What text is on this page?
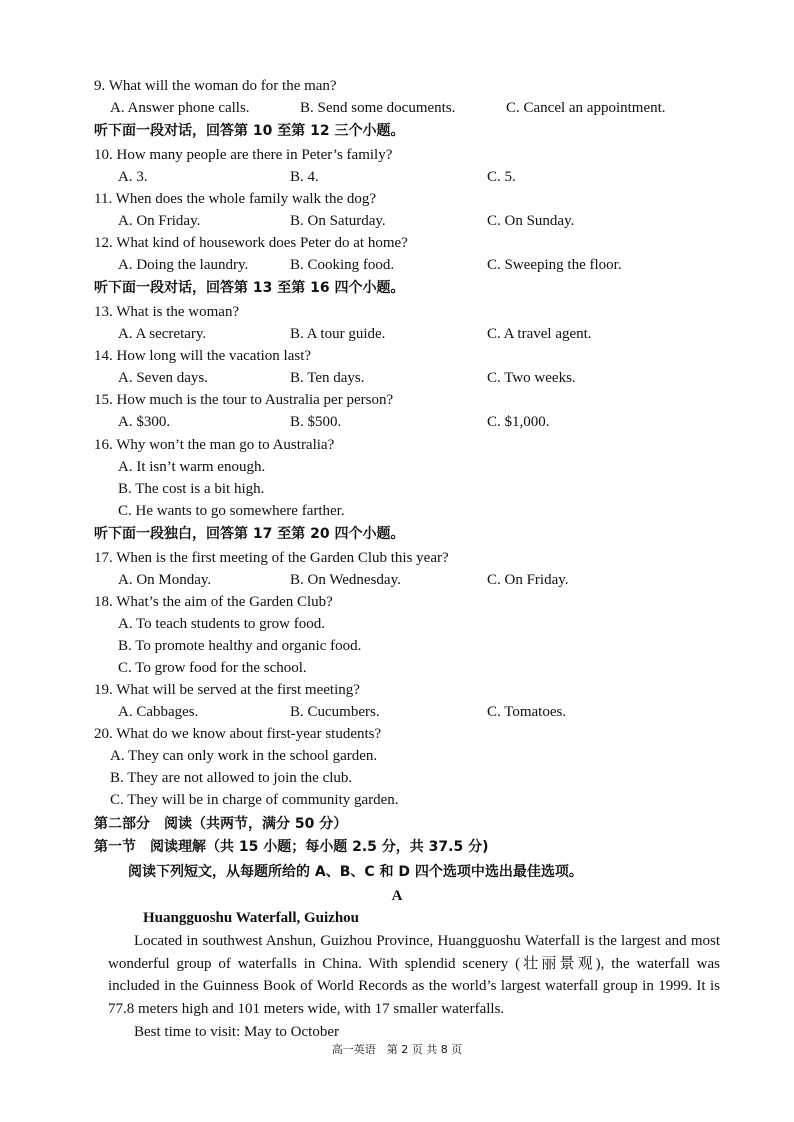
9. What will the woman do for the man?
A. Answer phone calls.	B. Send some documents.	C. Cancel an appointment.
听下面一段对话，回答第 10 至第 12 三个小题。
10. How many people are there in Peter’s family?
A. 3.	B. 4.	C. 5.
11. When does the whole family walk the dog?
A. On Friday.	B. On Saturday.	C. On Sunday.
12. What kind of housework does Peter do at home?
A. Doing the laundry.	B. Cooking food.	C. Sweeping the floor.
听下面一段对话，回答第 13 至第 16 四个小题。
13. What is the woman?
A. A secretary.	B. A tour guide.	C. A travel agent.
14. How long will the vacation last?
A. Seven days.	B. Ten days.	C. Two weeks.
15. How much is the tour to Australia per person?
A. $300.	B. $500.	C. $1,000.
16. Why won’t the man go to Australia?
A. It isn’t warm enough.
B. The cost is a bit high.
C. He wants to go somewhere farther.
听下面一段独白，回答第 17 至第 20 四个小题。
17. When is the first meeting of the Garden Club this year?
A. On Monday.	B. On Wednesday.	C. On Friday.
18. What’s the aim of the Garden Club?
A. To teach students to grow food.
B. To promote healthy and organic food.
C. To grow food for the school.
19. What will be served at the first meeting?
A. Cabbages.	B. Cucumbers.	C. Tomatoes.
20. What do we know about first-year students?
A. They can only work in the school garden.
B. They are not allowed to join the club.
C. They will be in charge of community garden.
第二部分　阅读（共两节，满分 50 分）
第一节　阅读理解（共 15 小题；每小题 2.5 分，共 37.5 分)
阅读下列短文，从每题所给的 A、B、C 和 D 四个选项中选出最佳选项。
A
Huangguoshu Waterfall, Guizhou
Located in southwest Anshun, Guizhou Province, Huangguoshu Waterfall is the largest and most wonderful group of waterfalls in China. With splendid scenery (壮丽景观), the waterfall was included in the Guinness Book of World Records as the world’s largest waterfall group in 1999. It is 77.8 meters high and 101 meters wide, with 17 smaller waterfalls.
Best time to visit: May to October
高一英语　第 2 页 共 8 页
